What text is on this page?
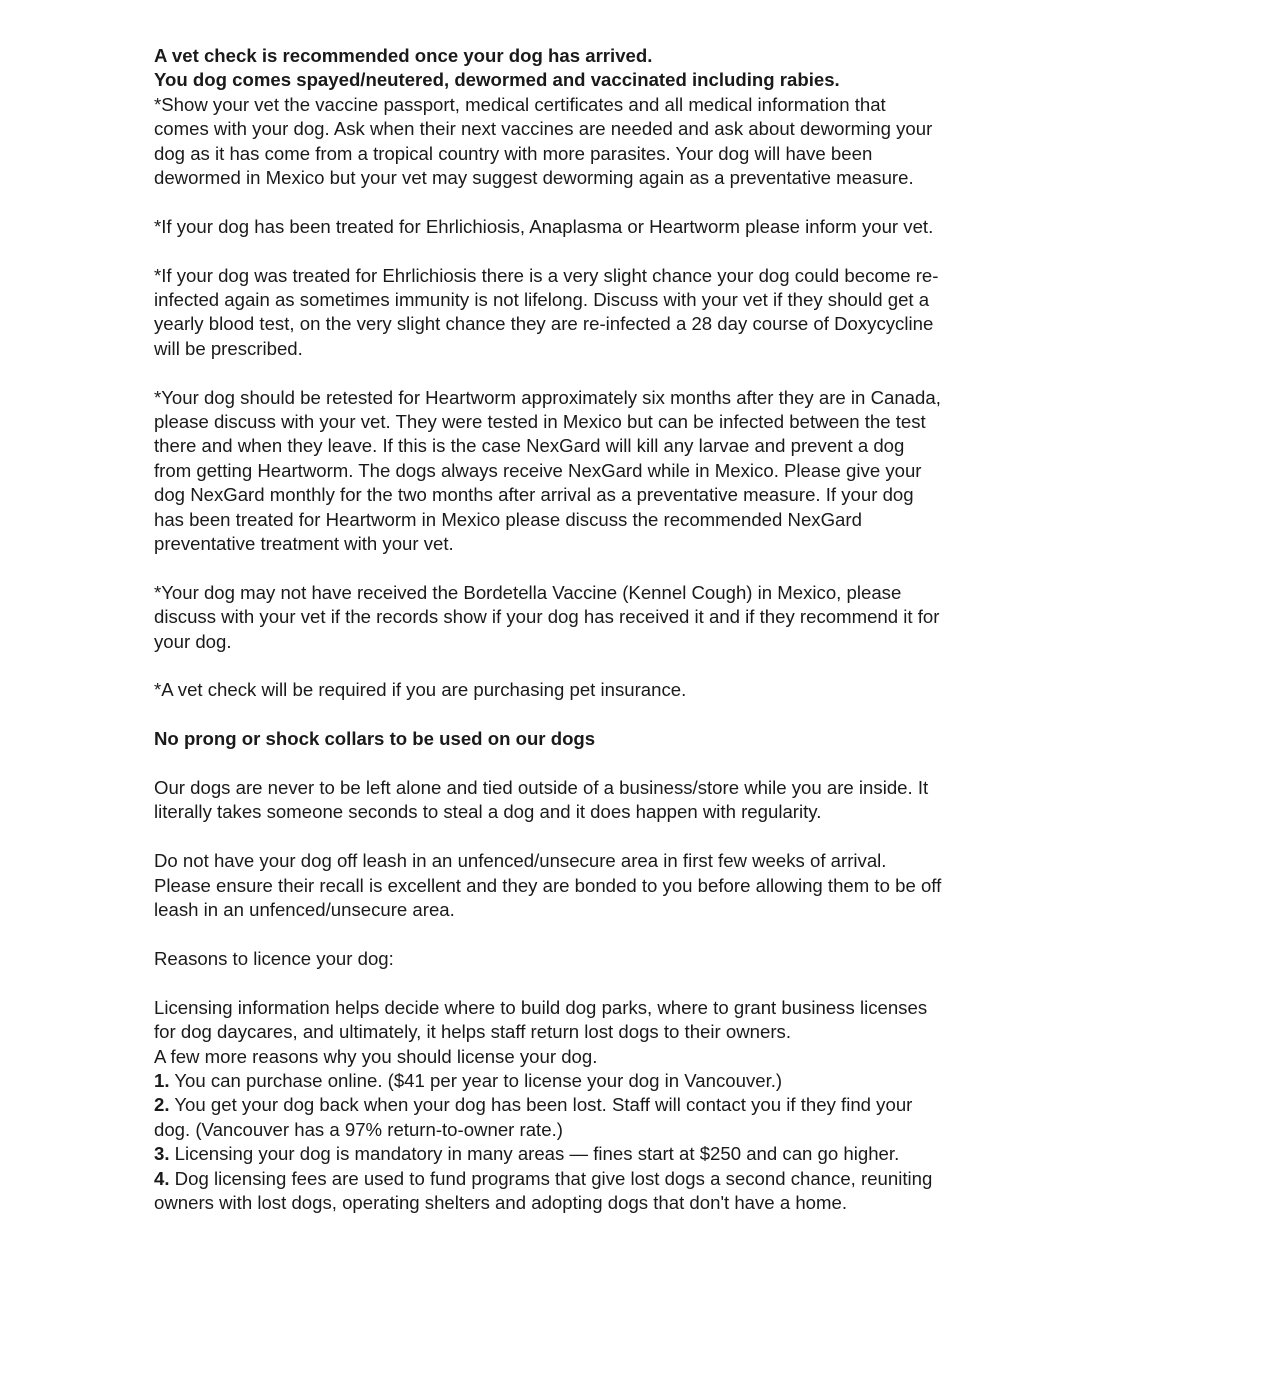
A vet check is recommended once your dog has arrived.
You dog comes spayed/neutered, dewormed and vaccinated including rabies.
*Show your vet the vaccine passport, medical certificates and all medical information that
comes with your dog. Ask when their next vaccines are needed and ask about deworming your
dog as it has come from a tropical country with more parasites. Your dog will have been
dewormed in Mexico but your vet may suggest deworming again as a preventative measure.
*If your dog has been treated for Ehrlichiosis, Anaplasma or Heartworm please inform your vet.
*If your dog was treated for Ehrlichiosis there is a very slight chance your dog could become re-
infected again as sometimes immunity is not lifelong. Discuss with your vet if they should get a
yearly blood test, on the very slight chance they are re-infected a 28 day course of Doxycycline
will be prescribed.
*Your dog should be retested for Heartworm approximately six months after they are in Canada,
please discuss with your vet. They were tested in Mexico but can be infected between the test
there and when they leave. If this is the case NexGard will kill any larvae and prevent a dog
from getting Heartworm. The dogs always receive NexGard while in Mexico. Please give your
dog NexGard monthly for the two months after arrival as a preventative measure. If your dog
has been treated for Heartworm in Mexico please discuss the recommended NexGard
preventative treatment with your vet.
*Your dog may not have received the Bordetella Vaccine (Kennel Cough) in Mexico, please
discuss with your vet if the records show if your dog has received it and if they recommend it for
your dog.
*A vet check will be required if you are purchasing pet insurance.
No prong or shock collars to be used on our dogs
Our dogs are never to be left alone and tied outside of a business/store while you are inside. It
literally takes someone seconds to steal a dog and it does happen with regularity.
Do not have your dog off leash in an unfenced/unsecure area in first few weeks of arrival.
Please ensure their recall is excellent and they are bonded to you before allowing them to be off
leash in an unfenced/unsecure area.
Reasons to licence your dog:
Licensing information helps decide where to build dog parks, where to grant business licenses
for dog daycares, and ultimately, it helps staff return lost dogs to their owners.
A few more reasons why you should license your dog.
1. You can purchase online. ($41 per year to license your dog in Vancouver.)
2. You get your dog back when your dog has been lost. Staff will contact you if they find your
dog. (Vancouver has a 97% return-to-owner rate.)
3. Licensing your dog is mandatory in many areas — fines start at $250 and can go higher.
4. Dog licensing fees are used to fund programs that give lost dogs a second chance, reuniting
owners with lost dogs, operating shelters and adopting dogs that don't have a home.
